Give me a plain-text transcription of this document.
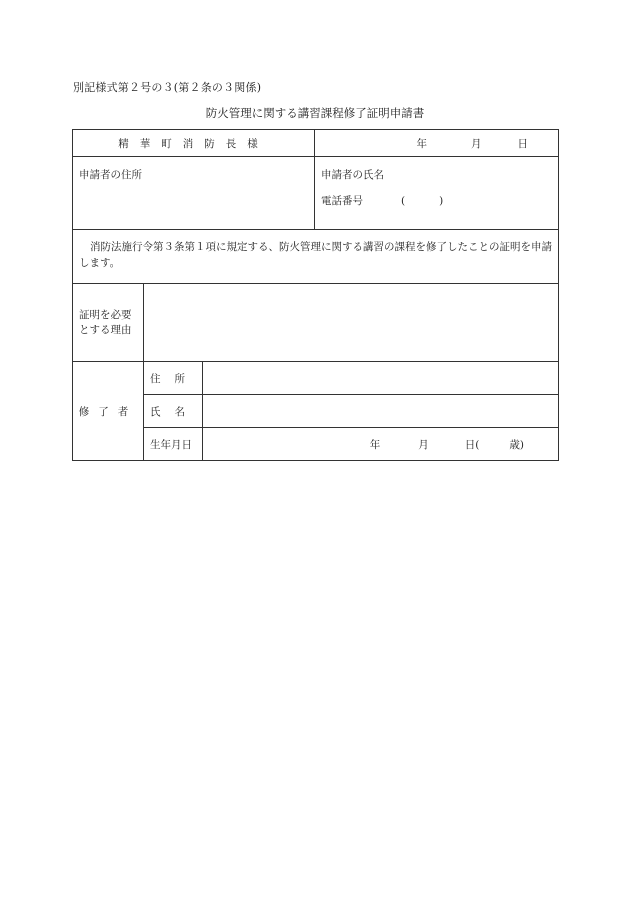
別記様式第２号の３(第２条の３関係)
防火管理に関する講習課程修了証明申請書
精華町消防長様			年 月 日
申請者の住所			申請者の氏名
電話番号 ( )

消防法施行令第３条第１項に規定する、防火管理に関する講習の課程を修了したことの証明を申請します。			

証明を必要
とする理由			

修了者	住所		
	氏名		
	生年月日	年 月 日( 歳)	
